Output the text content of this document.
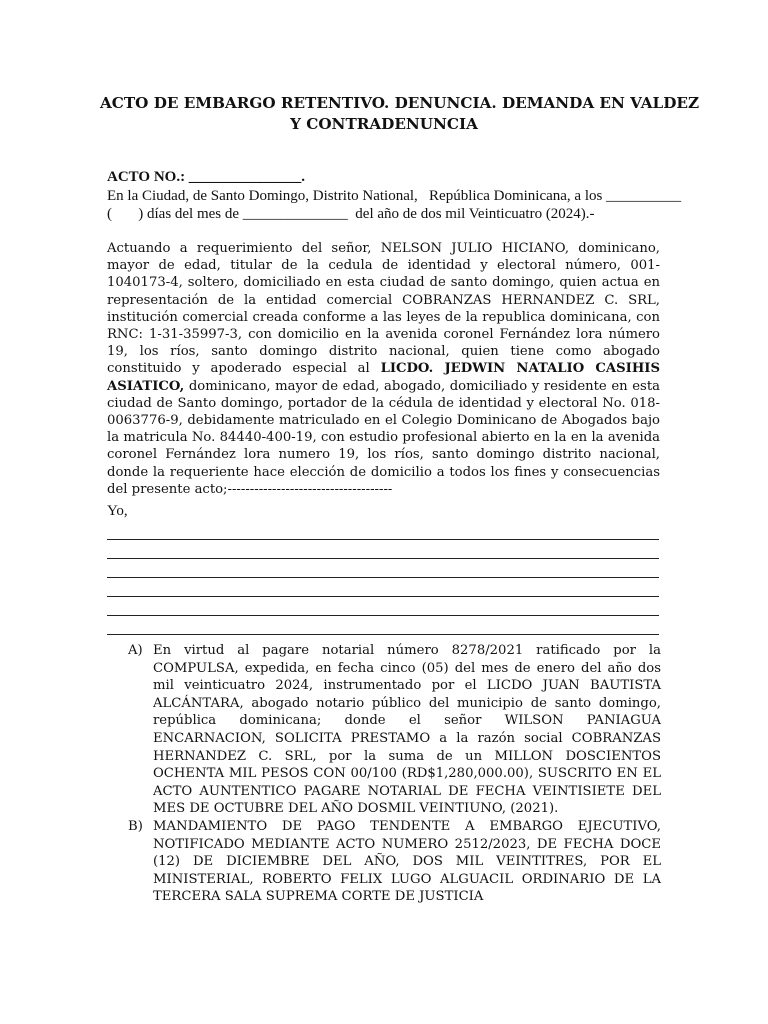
ACTO DE EMBARGO RETENTIVO. DENUNCIA. DEMANDA EN VALDEZ
Y CONTRADENUNCIA
ACTO NO.: _______________.
En la Ciudad, de Santo Domingo, Distrito National,   República Dominicana, a los __________
(       ) días del mes de ______________  del año de dos mil Veinticuatro (2024).-
Actuando a requerimiento del señor, NELSON JULIO HICIANO, dominicano, mayor de edad, titular de la cedula de identidad y electoral número, 001-1040173-4, soltero, domiciliado en esta ciudad de santo domingo, quien actua en representación de la entidad comercial COBRANZAS HERNANDEZ C. SRL, institución comercial creada conforme a las leyes de la republica dominicana, con RNC: 1-31-35997-3, con domicilio en la avenida coronel Fernández lora número 19, los ríos, santo domingo distrito nacional, quien tiene como abogado constituido y apoderado especial al LICDO. JEDWIN NATALIO CASIHIS ASIATICO, dominicano, mayor de edad, abogado, domiciliado y residente en esta ciudad de Santo domingo, portador de la cédula de identidad y electoral No. 018-0063776-9, debidamente matriculado en el Colegio Dominicano de Abogados bajo la matricula No. 84440-400-19, con estudio profesional abierto en la en la avenida coronel Fernández lora numero 19, los ríos, santo domingo distrito nacional, donde la requeriente hace elección de domicilio a todos los fines y consecuencias del presente acto;-------------------------------------
Yo,
A) En virtud al pagare notarial número 8278/2021 ratificado por la COMPULSA, expedida, en fecha cinco (05) del mes de enero del año dos mil veinticuatro 2024, instrumentado por el LICDO JUAN BAUTISTA ALCÁNTARA, abogado notario público del municipio de santo domingo, república dominicana; donde el señor WILSON PANIAGUA ENCARNACION, SOLICITA PRESTAMO a la razón social COBRANZAS HERNANDEZ C. SRL, por la suma de un MILLON DOSCIENTOS OCHENTA MIL PESOS CON 00/100 (RD$1,280,000.00), SUSCRITO EN EL ACTO AUNTENTICO PAGARE NOTARIAL DE FECHA VEINTISIETE DEL MES DE OCTUBRE DEL AÑO DOSMIL VEINTIUNO, (2021).
B) MANDAMIENTO DE PAGO TENDENTE A EMBARGO EJECUTIVO, NOTIFICADO MEDIANTE ACTO NUMERO 2512/2023, DE FECHA DOCE (12) DE DICIEMBRE DEL AÑO, DOS MIL VEINTITRES, POR EL MINISTERIAL, ROBERTO FELIX LUGO ALGUACIL ORDINARIO DE LA TERCERA SALA SUPREMA CORTE DE JUSTICIA
